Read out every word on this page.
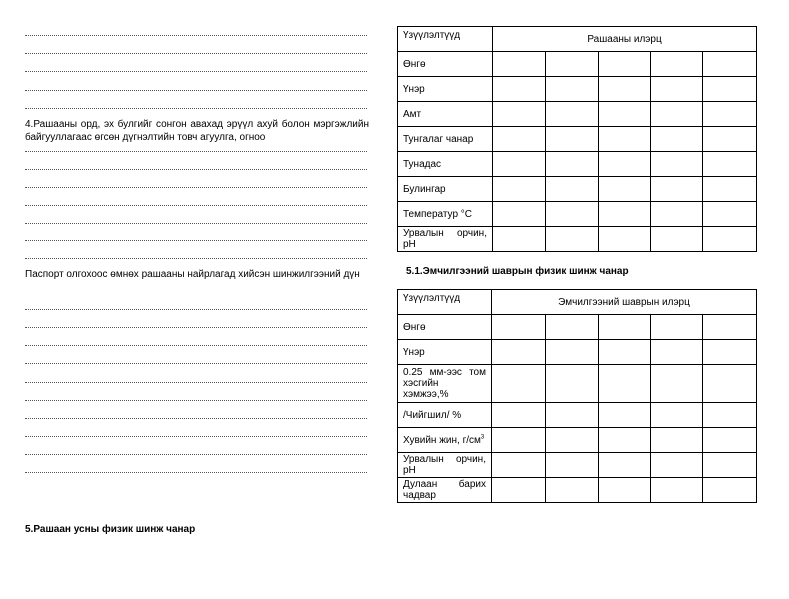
4.Рашааны орд, эх булгийг сонгон авахад эрүүл ахуй болон мэргэжлийн байгууллагаас өгсөн дүгнэлтийн товч агуулга, огноо
Паспорт олгохоос өмнөх рашааны найрлагад хийсэн шинжилгээний дүн
5.Рашаан усны физик шинж чанар
Үзүүлэлтүүд	Рашааны илэрц				
Өнгө					
Үнэр					
Амт					
Тунгалаг чанар					
Тунадас					
Булингар					
Температур °С					
Урвалын орчин, pH					
5.1.Эмчилгээний шаврын физик шинж чанар
Үзүүлэлтүүд	Эмчилгээний шаврын илэрц				
Өнгө					
Үнэр					
0.25 мм-ээс том хэсгийн хэмжээ,%					
/Чийгшил/ %					
Хувийн жин, $г/см^3$					
Урвалын орчин, pH					
Дулаан барих чадвар					
